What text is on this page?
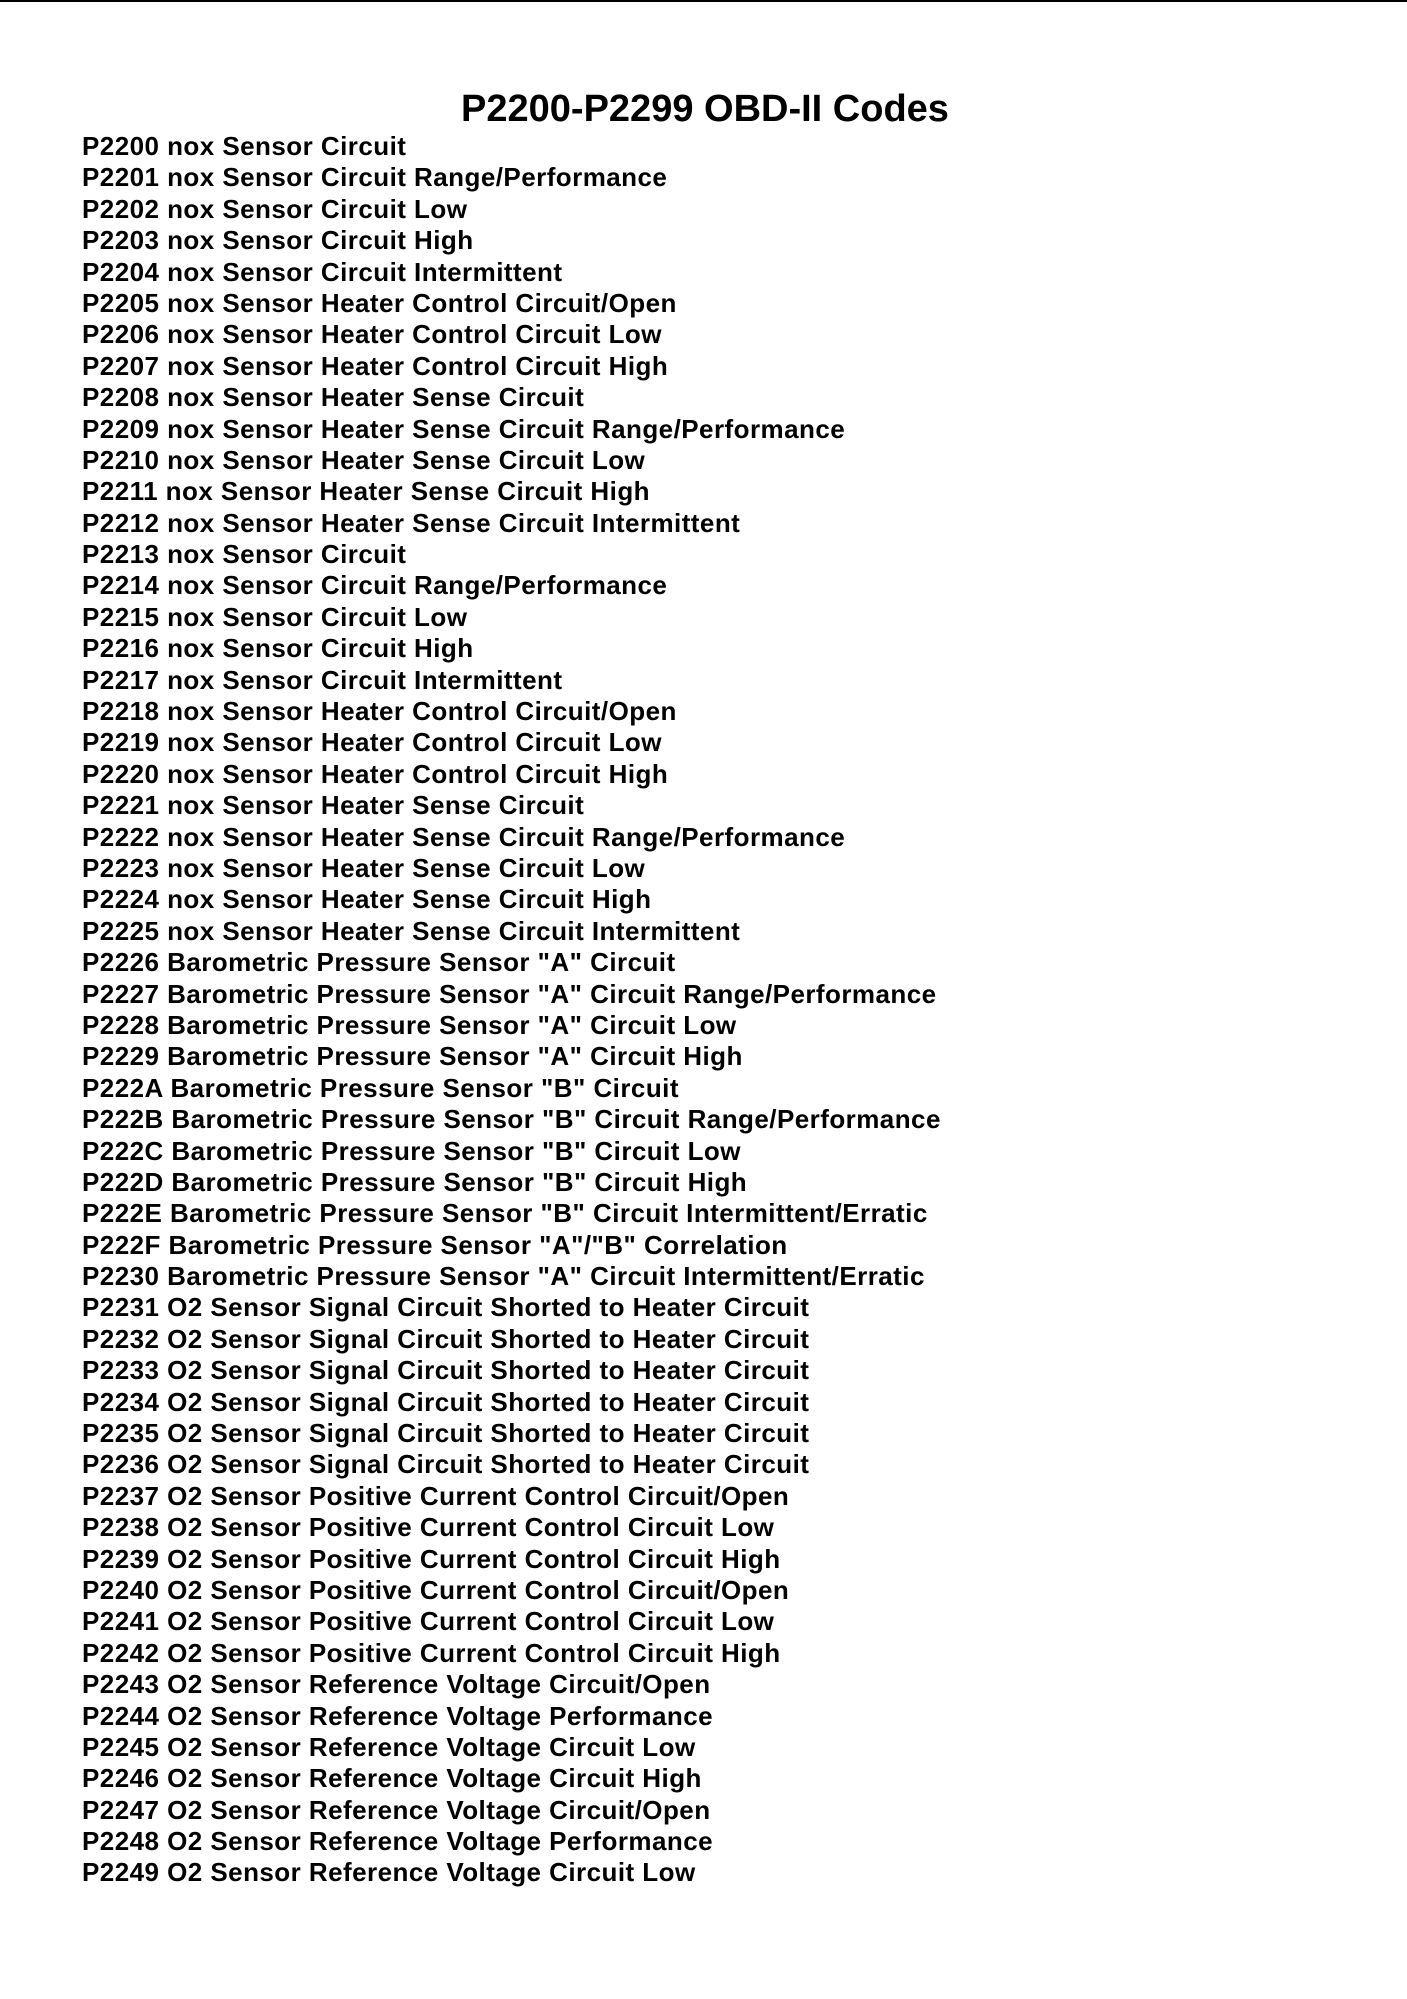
P2200-P2299 OBD-II Codes
P2200 nox Sensor Circuit
P2201 nox Sensor Circuit Range/Performance
P2202 nox Sensor Circuit Low
P2203 nox Sensor Circuit High
P2204 nox Sensor Circuit Intermittent
P2205 nox Sensor Heater Control Circuit/Open
P2206 nox Sensor Heater Control Circuit Low
P2207 nox Sensor Heater Control Circuit High
P2208 nox Sensor Heater Sense Circuit
P2209 nox Sensor Heater Sense Circuit Range/Performance
P2210 nox Sensor Heater Sense Circuit Low
P2211 nox Sensor Heater Sense Circuit High
P2212 nox Sensor Heater Sense Circuit Intermittent
P2213 nox Sensor Circuit
P2214 nox Sensor Circuit Range/Performance
P2215 nox Sensor Circuit Low
P2216 nox Sensor Circuit High
P2217 nox Sensor Circuit Intermittent
P2218 nox Sensor Heater Control Circuit/Open
P2219 nox Sensor Heater Control Circuit Low
P2220 nox Sensor Heater Control Circuit High
P2221 nox Sensor Heater Sense Circuit
P2222 nox Sensor Heater Sense Circuit Range/Performance
P2223 nox Sensor Heater Sense Circuit Low
P2224 nox Sensor Heater Sense Circuit High
P2225 nox Sensor Heater Sense Circuit Intermittent
P2226 Barometric Pressure Sensor "A" Circuit
P2227 Barometric Pressure Sensor "A" Circuit Range/Performance
P2228 Barometric Pressure Sensor "A" Circuit Low
P2229 Barometric Pressure Sensor "A" Circuit High
P222A Barometric Pressure Sensor "B" Circuit
P222B Barometric Pressure Sensor "B" Circuit Range/Performance
P222C Barometric Pressure Sensor "B" Circuit Low
P222D Barometric Pressure Sensor "B" Circuit High
P222E Barometric Pressure Sensor "B" Circuit Intermittent/Erratic
P222F Barometric Pressure Sensor "A"/"B" Correlation
P2230 Barometric Pressure Sensor "A" Circuit Intermittent/Erratic
P2231 O2 Sensor Signal Circuit Shorted to Heater Circuit
P2232 O2 Sensor Signal Circuit Shorted to Heater Circuit
P2233 O2 Sensor Signal Circuit Shorted to Heater Circuit
P2234 O2 Sensor Signal Circuit Shorted to Heater Circuit
P2235 O2 Sensor Signal Circuit Shorted to Heater Circuit
P2236 O2 Sensor Signal Circuit Shorted to Heater Circuit
P2237 O2 Sensor Positive Current Control Circuit/Open
P2238 O2 Sensor Positive Current Control Circuit Low
P2239 O2 Sensor Positive Current Control Circuit High
P2240 O2 Sensor Positive Current Control Circuit/Open
P2241 O2 Sensor Positive Current Control Circuit Low
P2242 O2 Sensor Positive Current Control Circuit High
P2243 O2 Sensor Reference Voltage Circuit/Open
P2244 O2 Sensor Reference Voltage Performance
P2245 O2 Sensor Reference Voltage Circuit Low
P2246 O2 Sensor Reference Voltage Circuit High
P2247 O2 Sensor Reference Voltage Circuit/Open
P2248 O2 Sensor Reference Voltage Performance
P2249 O2 Sensor Reference Voltage Circuit Low
